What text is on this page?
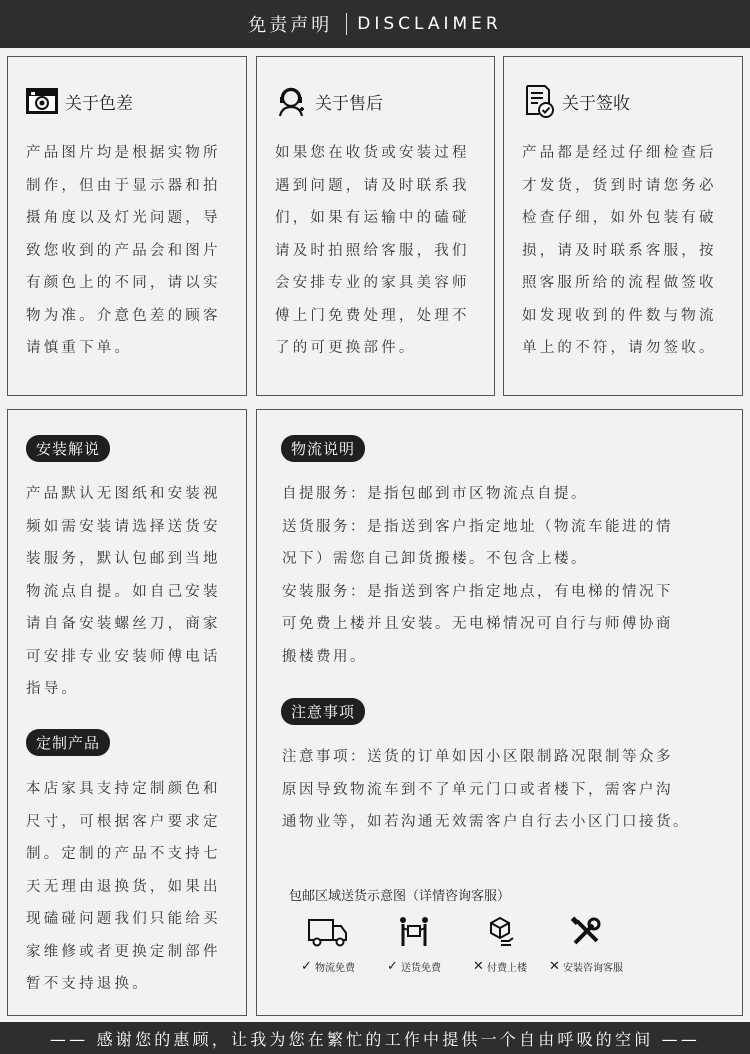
免责声明 DISCLAIMER
关于色差
产品图片均是根据实物所
制作，但由于显示器和拍
摄角度以及灯光问题，导
致您收到的产品会和图片
有颜色上的不同，请以实
物为准。介意色差的顾客
请慎重下单。
关于售后
如果您在收货或安装过程
遇到问题，请及时联系我
们，如果有运输中的磕碰
请及时拍照给客服，我们
会安排专业的家具美容师
傅上门免费处理，处理不
了的可更换部件。
关于签收
产品都是经过仔细检查后
才发货，货到时请您务必
检查仔细，如外包装有破
损，请及时联系客服，按
照客服所给的流程做签收
如发现收到的件数与物流
单上的不符，请勿签收。
安装解说
产品默认无图纸和安装视
频如需安装请选择送货安
装服务，默认包邮到当地
物流点自提。如自己安装
请自备安装螺丝刀，商家
可安排专业安装师傅电话
指导。
定制产品
本店家具支持定制颜色和
尺寸，可根据客户要求定
制。定制的产品不支持七
天无理由退换货，如果出
现磕碰问题我们只能给买
家维修或者更换定制部件
暂不支持退换。
物流说明
自提服务：是指包邮到市区物流点自提。
送货服务：是指送到客户指定地址（物流车能进的情
况下）需您自己卸货搬楼。不包含上楼。
安装服务：是指送到客户指定地点，有电梯的情况下
可免费上楼并且安装。无电梯情况可自行与师傅协商
搬楼费用。
注意事项
注意事项：送货的订单如因小区限制路况限制等众多
原因导致物流车到不了单元门口或者楼下，需客户沟
通物业等，如若沟通无效需客户自行去小区门口接货。
包邮区域送货示意图（详情咨询客服）
✓ 物流免费 ✓ 送货免费 ✕ 付费上楼 ✕ 安装咨询客服
—— 感谢您的惠顾，让我为您在繁忙的工作中提供一个自由呼吸的空间 ——
